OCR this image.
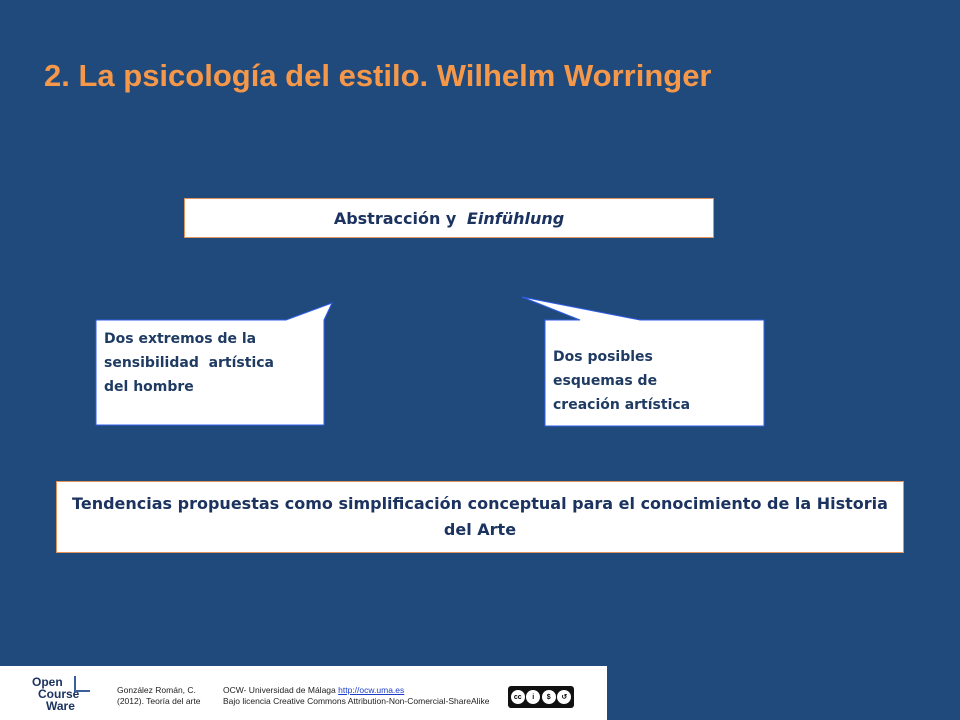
2. La psicología del estilo. Wilhelm Worringer
Abstracción y Einfühlung
Dos extremos de la
sensibilidad  artística
del hombre
Dos posibles
esquemas de
creación artística
Tendencias propuestas como simplificación conceptual para el conocimiento de la Historia del Arte
Open
Course
Ware
González Román, C.
(2012). Teoría del arte
OCW- Universidad de Málaga http://ocw.uma.es
Bajo licencia Creative Commons Attribution-Non-Comercial-ShareAlike	cc	i	$	↺
